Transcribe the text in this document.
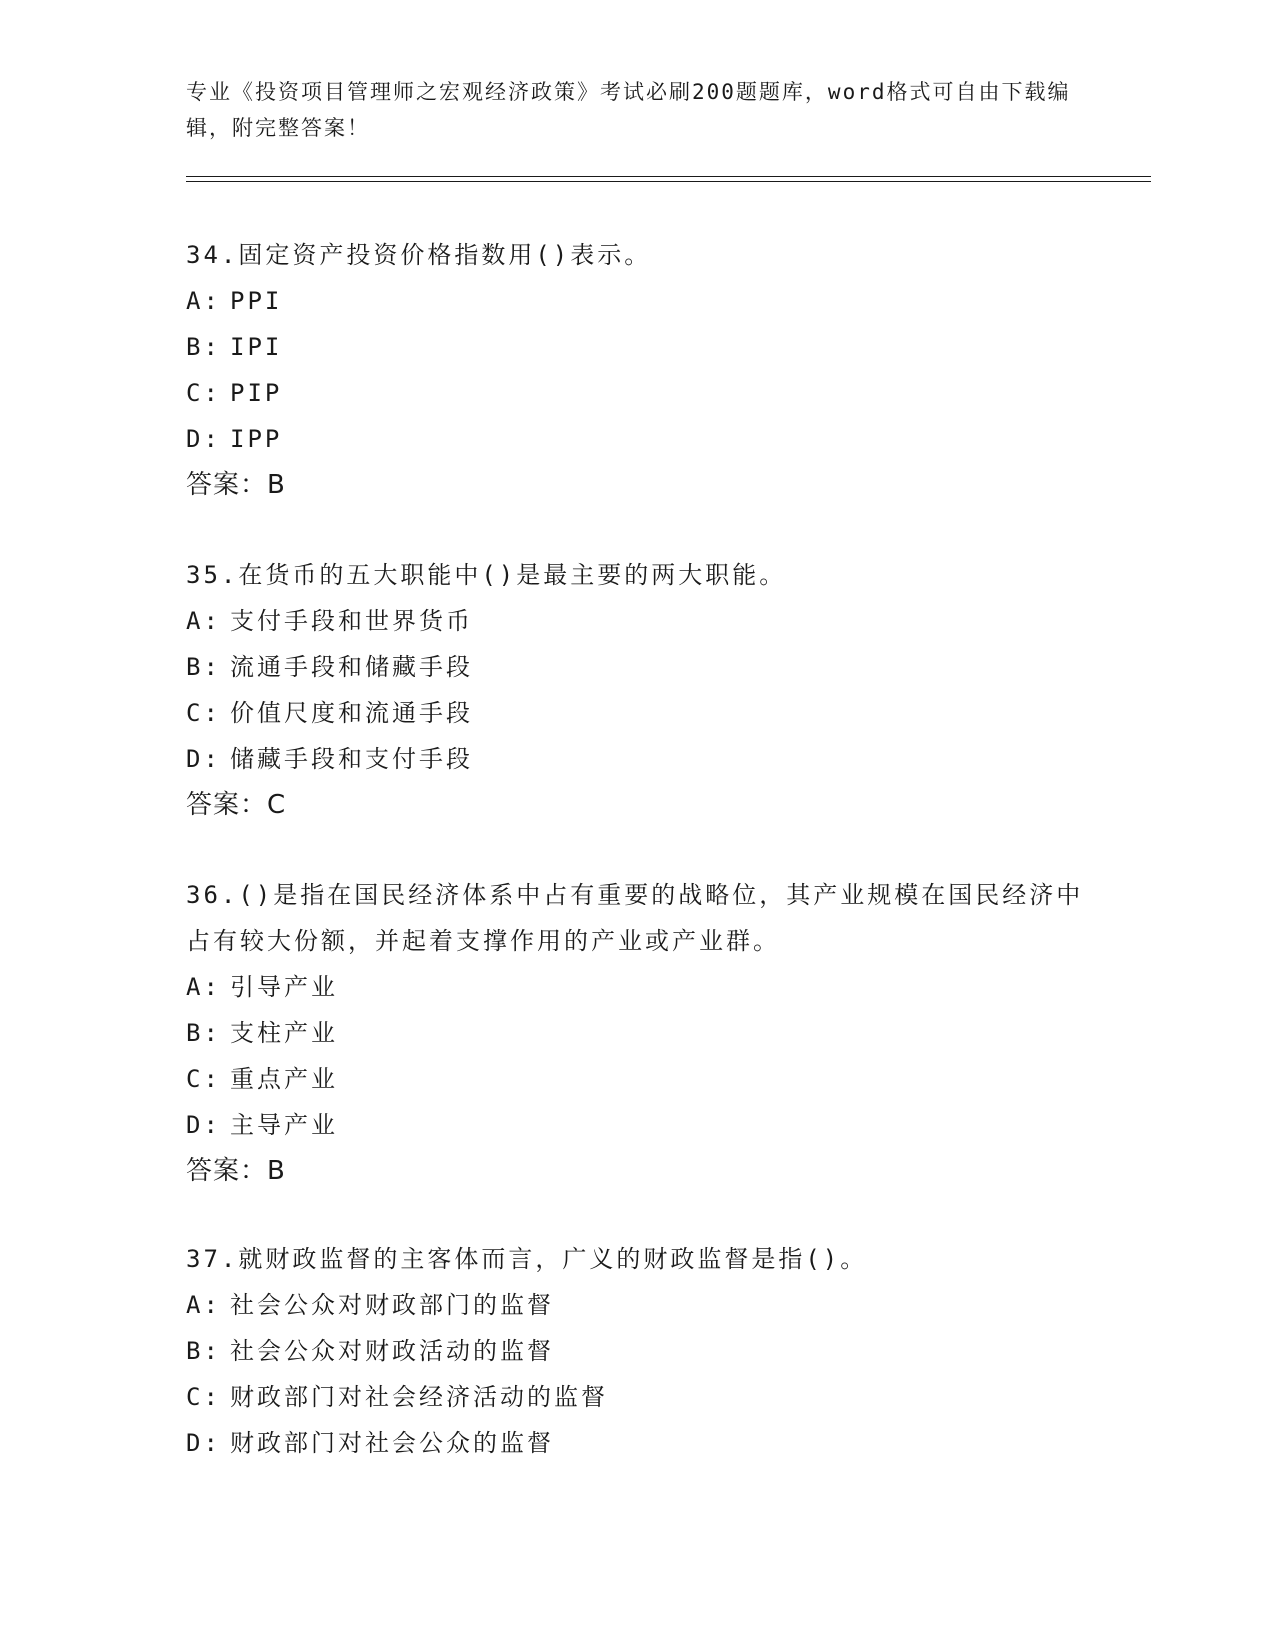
专业《投资项目管理师之宏观经济政策》考试必刷200题题库，word格式可自由下载编辑，附完整答案！

34.固定资产投资价格指数用()表示。

A: PPI

B: IPI

C: PIP

D: IPP

答案：B

35.在货币的五大职能中()是最主要的两大职能。

A: 支付手段和世界货币

B: 流通手段和储藏手段

C: 价值尺度和流通手段

D: 储藏手段和支付手段

答案：C

36.()是指在国民经济体系中占有重要的战略位，其产业规模在国民经济中占有较大份额，并起着支撑作用的产业或产业群。

A: 引导产业

B: 支柱产业

C: 重点产业

D: 主导产业

答案：B

37.就财政监督的主客体而言，广义的财政监督是指()。

A: 社会公众对财政部门的监督

B: 社会公众对财政活动的监督

C: 财政部门对社会经济活动的监督

D: 财政部门对社会公众的监督
